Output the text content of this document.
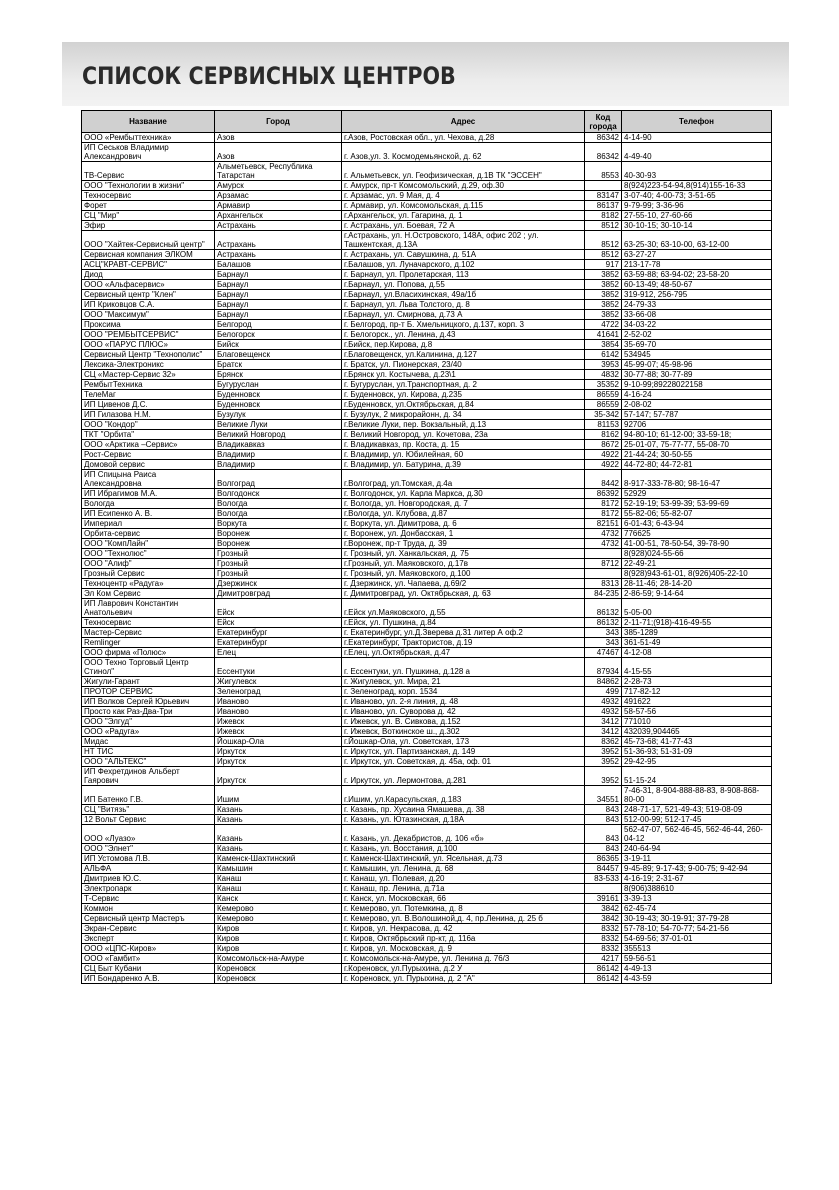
СПИСОК СЕРВИСНЫХ ЦЕНТРОВ
Название	Город	Адрес	Код города	Телефон
ООО «Рембыттехника»	Азов	г.Азов, Ростовская обл., ул. Чехова, д.28	86342	4-14-90
ИП Сеськов Владимир Александрович	Азов	г. Азов,ул. 3. Космодемьянской, д. 62	86342	4-49-40
ТВ-Сервис	Альметьевск, Республика Татарстан	г. Альметьевск, ул. Геофизическая, д.1В ТК "ЭССЕН"	8553	40-30-93
ООО "Технологии в жизни"	Амурск	г. Амурск, пр-т Комсомольский, д.29, оф.30		8(924)223-54-94,8(914)155-16-33
Техносервис	Арзамас	г. Арзамас, ул. 9 Мая, д. 4	83147	3-07-40; 4-00-73; 3-51-65
Форет	Армавир	г. Армавир, ул. Комсомольская, д.115	86137	9-79-99; 3-36-96
СЦ "Мир"	Архангельск	г.Архангельск, ул. Гагарина, д. 1	8182	27-55-10, 27-60-66
Эфир	Астрахань	г. Астрахань, ул. Боевая, 72 А	8512	30-10-15; 30-10-14
ООО "Хайтек-Сервисный центр"	Астрахань	г.Астрахань, ул. Н.Островского, 148А, офис 202 ; ул. Ташкентская, д.13А	8512	63-25-30; 63-10-00, 63-12-00
Сервисная компания ЭЛКОМ	Астрахань	г. Астрахань, ул. Савушкина, д. 51А	8512	63-27-27
АСЦ"КРАВТ-СЕРВИС"	Балашов	г.Балашов, ул. Луначарского, д.102	917	213-17-78
Диод	Барнаул	г. Барнаул, ул. Пролетарская, 113	3852	63-59-88; 63-94-02; 23-58-20
ООО «Альфасервис»	Барнаул	г.Барнаул, ул. Попова, д.55	3852	60-13-49; 48-50-67
Сервисный центр "Клен"	Барнаул	г.Барнаул, ул.Власихинская, 49а/1б	3852	319-912, 256-795
ИП Криковцов С.А.	Барнаул	г. Барнаул, ул. Льва Толстого, д. 8	3852	24-79-33
ООО "Максимум"	Барнаул	г.Барнаул, ул. Смирнова, д.73 А	3852	33-66-08
Проксима	Белгород	г. Белгород, пр-т Б. Хмельницкого, д.137, корп. 3	4722	34-03-22
ООО "РЕМБЫТСЕРВИС"	Белогорск	г. Белогорск., ул. Ленина, д.43	41641	2-52-02
ООО «ПАРУС ПЛЮС»	Бийск	г.Бийск, пер.Кирова, д.8	3854	35-69-70
Сервисный Центр "Технополис"	Благовещенск	г.Благовещенск, ул.Калинина, д.127	6142	534945
Лексика-Электроникс	Братск	г. Братск, ул. Пионерская, 23/40	3953	45-99-07; 45-98-96
СЦ «Мастер-Сервис 32»	Брянск	г.Брянск ул. Костычева, д.23\1	4832	30-77-88; 30-77-89
РембытТехника	Бугуруслан	г. Бугуруслан, ул.Транспортная, д. 2	35352	9-10-99;89228022158
ТелеМаг	Буденновск	г. Буденновск, ул. Кирова, д.235	86559	4-16-24
ИП Цивенов Д.С.	Буденновск	г.Буденновск, ул.Октябрьская, д.84	86559	2-08-02
ИП Гилазова Н.М.	Бузулук	г. Бузулук, 2 микрорайонн, д. 34	35-342	57-147; 57-787
ООО "Кондор"	Великие Луки	г.Великие Луки, пер. Вокзальный, д.13	81153	92706
ТКТ "Орбита"	Великий Новгород	г. Великий Новгород, ул. Кочетова, 23а	8162	94-80-10; 61-12-00; 33-59-18;
ООО «Арктика –Сервис»	Владикавказ	г. Владикавказ, пр. Коста, д. 15	8672	25-01-07, 75-77-77, 55-08-70
Рост-Сервис	Владимир	г. Владимир, ул. Юбилейная, 60	4922	21-44-24; 30-50-55
Домовой сервис	Владимир	г. Владимир, ул. Батурина, д.39	4922	44-72-80; 44-72-81
ИП Спицына Раиса Александровна	Волгоград	г.Волгоград, ул.Томская, д.4а	8442	8-917-333-78-80; 98-16-47
ИП Ибрагимов М.А.	Волгодонск	г. Волгодонск, ул. Карла Маркса, д.30	86392	52929
Вологда	Вологда	г. Вологда, ул. Новгородская, д. 7	8172	52-19-19; 53-99-39; 53-99-69
ИП Есипенко А. В.	Вологда	г.Вологда, ул. Клубова, д.87	8172	55-82-06; 55-82-07
Империал	Воркута	г. Воркута, ул. Димитрова, д. 6	82151	6-01-43; 6-43-94
Орбита-сервис	Воронеж	г. Воронеж, ул. Донбасская, 1	4732	776625
ООО "КомпЛайн"	Воронеж	г.Воронеж, пр-т Труда, д. 39	4732	41-00-51, 78-50-54, 39-78-90
ООО "Технолюс"	Грозный	г. Грозный, ул. Ханкальская, д. 75		8(928)024-55-66
ООО "Алиф"	Грозный	г.Грозный, ул. Маяковского, д.17в	8712	22-49-21
Грозный Сервис	Грозный	г. Грозный, ул. Маяковского, д.100		8(928)943-61-01, 8(926)405-22-10
Техноцентр «Радуга»	Дзержинск	г. Дзержинск, ул. Чапаева, д.69/2	8313	28-11-46; 28-14-20
Эл Ком Сервис	Димитровград	г. Димитровград, ул. Октябрьская, д. 63	84-235	2-86-59; 9-14-64
ИП Лаврович Константин Анатольевич	Ейск	г.Ейск ул.Маяковского, д.55	86132	5-05-00
Техносервис	Ейск	г.Ейск, ул. Пушкина, д.84	86132	2-11-71;(918)-416-49-55
Мастер-Сервис	Екатеринбург	г. Екатеринбург, ул.Д.Зверева д.31 литер А оф.2	343	385-1289
Remlinger	Екатеринбург	г.Екатеринбург, Трактористов, д.19	343	361-51-49
ООО фирма «Полюс»	Елец	г.Елец, ул.Октябрьская, д.47	47467	4-12-08
ООО Техно Торговый Центр Стинол"	Ессентуки	г. Ессентуки, ул. Пушкина, д.128 а	87934	4-15-55
Жигули-Гарант	Жигулевск	г. Жигулевск, ул. Мира, 21	84862	2-28-73
ПРОТОР СЕРВИС	Зеленоград	г. Зеленоград, корп. 1534	499	717-82-12
ИП Волков Сергей Юрьевич	Иваново	г. Иваново, ул. 2-я линия, д. 48	4932	491622
Просто как Раз-Два-Три	Иваново	г. Иваново, ул. Суворова д. 42	4932	58-57-56
ООО "Элгуд"	Ижевск	г. Ижевск, ул. В. Сивкова, д.152	3412	771010
ООО «Радуга»	Ижевск	г. Ижевск, Воткинское ш., д.302	3412	432039,904465
Мидас	Йошкар-Ола	г.Йошкар-Ола, ул. Советская, 173	8362	45-73-68; 41-77-43
НТ ТИС	Иркутск	г. Иркутск, ул. Партизанская, д. 149	3952	51-36-93; 51-31-09
ООО "АЛЬТЕКС"	Иркутск	г. Иркутск, ул. Советская, д. 45а, оф. 01	3952	29-42-95
ИП Фехретдинов Альберт Гаярович	Иркутск	г. Иркутск, ул. Лермонтова, д.281	3952	51-15-24
ИП Батенко Г.В.	Ишим	г.Ишим, ул.Карасульская, д.183	34551	7-46-31, 8-904-888-88-83, 8-908-868-80-00
СЦ "Витязь"	Казань	г. Казань, пр. Хусаина Ямашева, д. 38	843	248-71-17, 521-49-43; 519-08-09
12 Вольт Сервис	Казань	г. Казань, ул. Ютазинская, д.18А	843	512-00-99; 512-17-45
ООО «Луазо»	Казань	г. Казань, ул. Декабристов, д. 106 «б»	843	562-47-07, 562-46-45, 562-46-44, 260-04-12
ООО "Элнет"	Казань	г. Казань, ул. Восстания, д.100	843	240-64-94
ИП Устомова Л.В.	Каменск-Шахтинский	г. Каменск-Шахтинский, ул. Ясельная, д.73	86365	3-19-11
АЛЬФА	Камышин	г. Камышин, ул. Ленина, д. 68	84457	9-45-89; 9-17-43; 9-00-75; 9-42-94
Дмитриев Ю.С.	Канаш	г. Канаш, ул. Полевая, д.20	83-533	4-16-19; 2-31-67
Электропарк	Канаш	г. Канаш, пр. Ленина, д.71а		8(906)388610
Т-Сервис	Канск	г. Канск, ул. Московская, 66	39161	3-39-13
Коммон	Кемерово	г. Кемерово, ул. Потемкина, д. 8	3842	62-45-74
Сервисный центр Мастеръ	Кемерово	г. Кемерово, ул. В.Волошиной,д. 4, пр.Ленина, д. 25 б	3842	30-19-43; 30-19-91; 37-79-28
Экран-Сервис	Киров	г. Киров, ул. Некрасова, д. 42	8332	57-78-10; 54-70-77; 54-21-56
Эксперт	Киров	г. Киров, Октябрьский пр-кт, д. 116а	8332	54-69-56; 37-01-01
ООО «ЦПС-Киров»	Киров	г. Киров, ул. Московская, д. 9	8332	355513
ООО «Гамбит»	Комсомольск-на-Амуре	г. Комсомольск-на-Амуре, ул. Ленина д. 76/3	4217	59-56-51
СЦ Быт Кубани	Кореновск	г.Кореновск, ул.Пурыхина, д.2 У	86142	4-49-13
ИП Бондаренко А.В.	Кореновск	г. Кореновск, ул. Пурыхина, д. 2 "А"	86142	4-43-59
